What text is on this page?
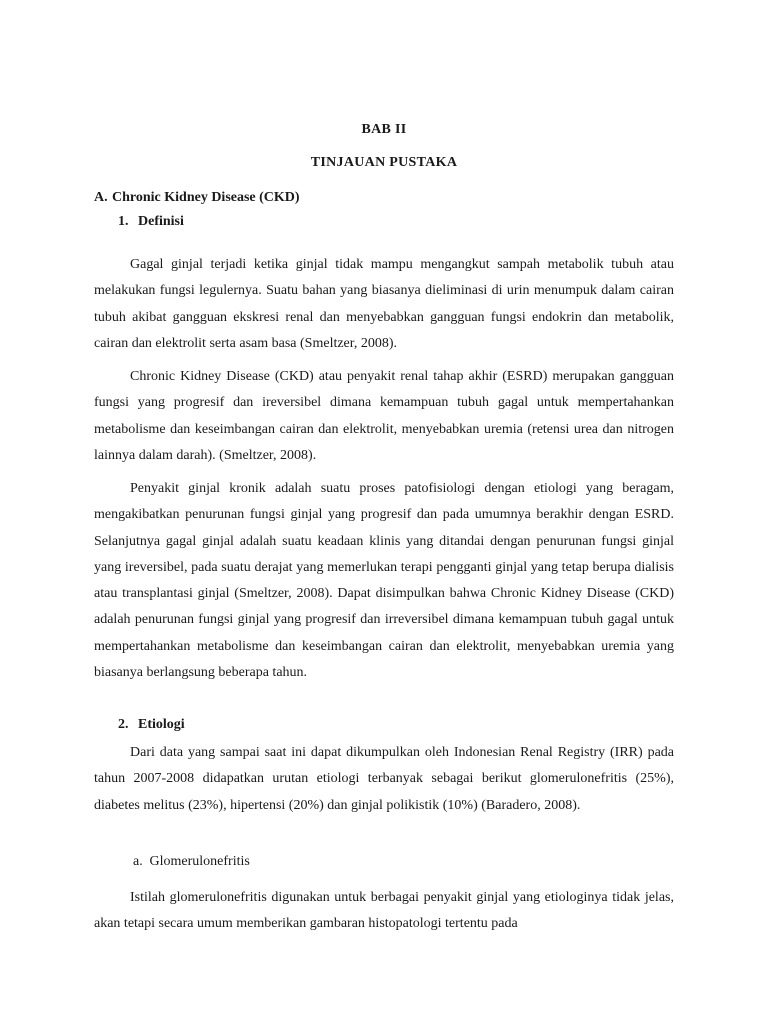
BAB II
TINJAUAN PUSTAKA
A. Chronic Kidney Disease (CKD)
1. Definisi

Gagal ginjal terjadi ketika ginjal tidak mampu mengangkut sampah metabolik tubuh atau melakukan fungsi legulernya. Suatu bahan yang biasanya dieliminasi di urin menumpuk dalam cairan tubuh akibat gangguan ekskresi renal dan menyebabkan gangguan fungsi endokrin dan metabolik, cairan dan elektrolit serta asam basa (Smeltzer, 2008).

Chronic Kidney Disease (CKD) atau penyakit renal tahap akhir (ESRD) merupakan gangguan fungsi yang progresif dan ireversibel dimana kemampuan tubuh gagal untuk mempertahankan metabolisme dan keseimbangan cairan dan elektrolit, menyebabkan uremia (retensi urea dan nitrogen lainnya dalam darah). (Smeltzer, 2008).

Penyakit ginjal kronik adalah suatu proses patofisiologi dengan etiologi yang beragam, mengakibatkan penurunan fungsi ginjal yang progresif dan pada umumnya berakhir dengan ESRD. Selanjutnya gagal ginjal adalah suatu keadaan klinis yang ditandai dengan penurunan fungsi ginjal yang ireversibel, pada suatu derajat yang memerlukan terapi pengganti ginjal yang tetap berupa dialisis atau transplantasi ginjal (Smeltzer, 2008). Dapat disimpulkan bahwa Chronic Kidney Disease (CKD) adalah penurunan fungsi ginjal yang progresif dan irreversibel dimana kemampuan tubuh gagal untuk mempertahankan metabolisme dan keseimbangan cairan dan elektrolit, menyebabkan uremia yang biasanya berlangsung beberapa tahun.

2. Etiologi

Dari data yang sampai saat ini dapat dikumpulkan oleh Indonesian Renal Registry (IRR) pada tahun 2007-2008 didapatkan urutan etiologi terbanyak sebagai berikut glomerulonefritis (25%), diabetes melitus (23%), hipertensi (20%) dan ginjal polikistik (10%) (Baradero, 2008).

a. Glomerulonefritis

Istilah glomerulonefritis digunakan untuk berbagai penyakit ginjal yang etiologinya tidak jelas, akan tetapi secara umum memberikan gambaran histopatologi tertentu pada
